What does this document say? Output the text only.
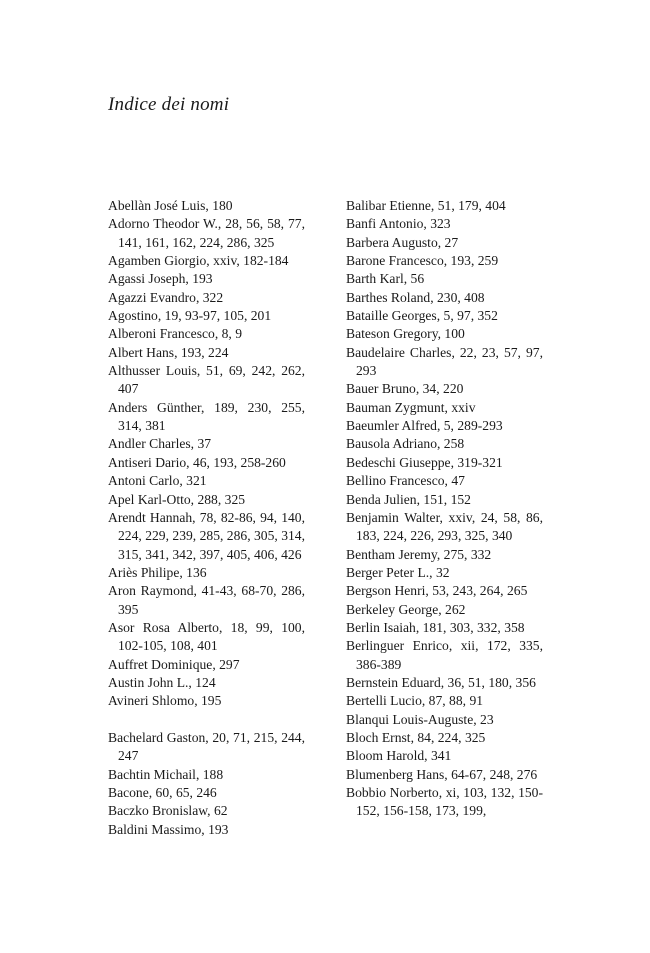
Indice dei nomi
Abellàn José Luis, 180
Adorno Theodor W., 28, 56, 58, 77, 141, 161, 162, 224, 286, 325
Agamben Giorgio, xxiv, 182-184
Agassi Joseph, 193
Agazzi Evandro, 322
Agostino, 19, 93-97, 105, 201
Alberoni Francesco, 8, 9
Albert Hans, 193, 224
Althusser Louis, 51, 69, 242, 262, 407
Anders Günther, 189, 230, 255, 314, 381
Andler Charles, 37
Antiseri Dario, 46, 193, 258-260
Antoni Carlo, 321
Apel Karl-Otto, 288, 325
Arendt Hannah, 78, 82-86, 94, 140, 224, 229, 239, 285, 286, 305, 314, 315, 341, 342, 397, 405, 406, 426
Ariès Philipe, 136
Aron Raymond, 41-43, 68-70, 286, 395
Asor Rosa Alberto, 18, 99, 100, 102-105, 108, 401
Auffret Dominique, 297
Austin John L., 124
Avineri Shlomo, 195
Bachelard Gaston, 20, 71, 215, 244, 247
Bachtin Michail, 188
Bacone, 60, 65, 246
Baczko Bronislaw, 62
Baldini Massimo, 193
Balibar Etienne, 51, 179, 404
Banfi Antonio, 323
Barbera Augusto, 27
Barone Francesco, 193, 259
Barth Karl, 56
Barthes Roland, 230, 408
Bataille Georges, 5, 97, 352
Bateson Gregory, 100
Baudelaire Charles, 22, 23, 57, 97, 293
Bauer Bruno, 34, 220
Bauman Zygmunt, xxiv
Baeumler Alfred, 5, 289-293
Bausola Adriano, 258
Bedeschi Giuseppe, 319-321
Bellino Francesco, 47
Benda Julien, 151, 152
Benjamin Walter, xxiv, 24, 58, 86, 183, 224, 226, 293, 325, 340
Bentham Jeremy, 275, 332
Berger Peter L., 32
Bergson Henri, 53, 243, 264, 265
Berkeley George, 262
Berlin Isaiah, 181, 303, 332, 358
Berlinguer Enrico, xii, 172, 335, 386-389
Bernstein Eduard, 36, 51, 180, 356
Bertelli Lucio, 87, 88, 91
Blanqui Louis-Auguste, 23
Bloch Ernst, 84, 224, 325
Bloom Harold, 341
Blumenberg Hans, 64-67, 248, 276
Bobbio Norberto, xi, 103, 132, 150-152, 156-158, 173, 199,
